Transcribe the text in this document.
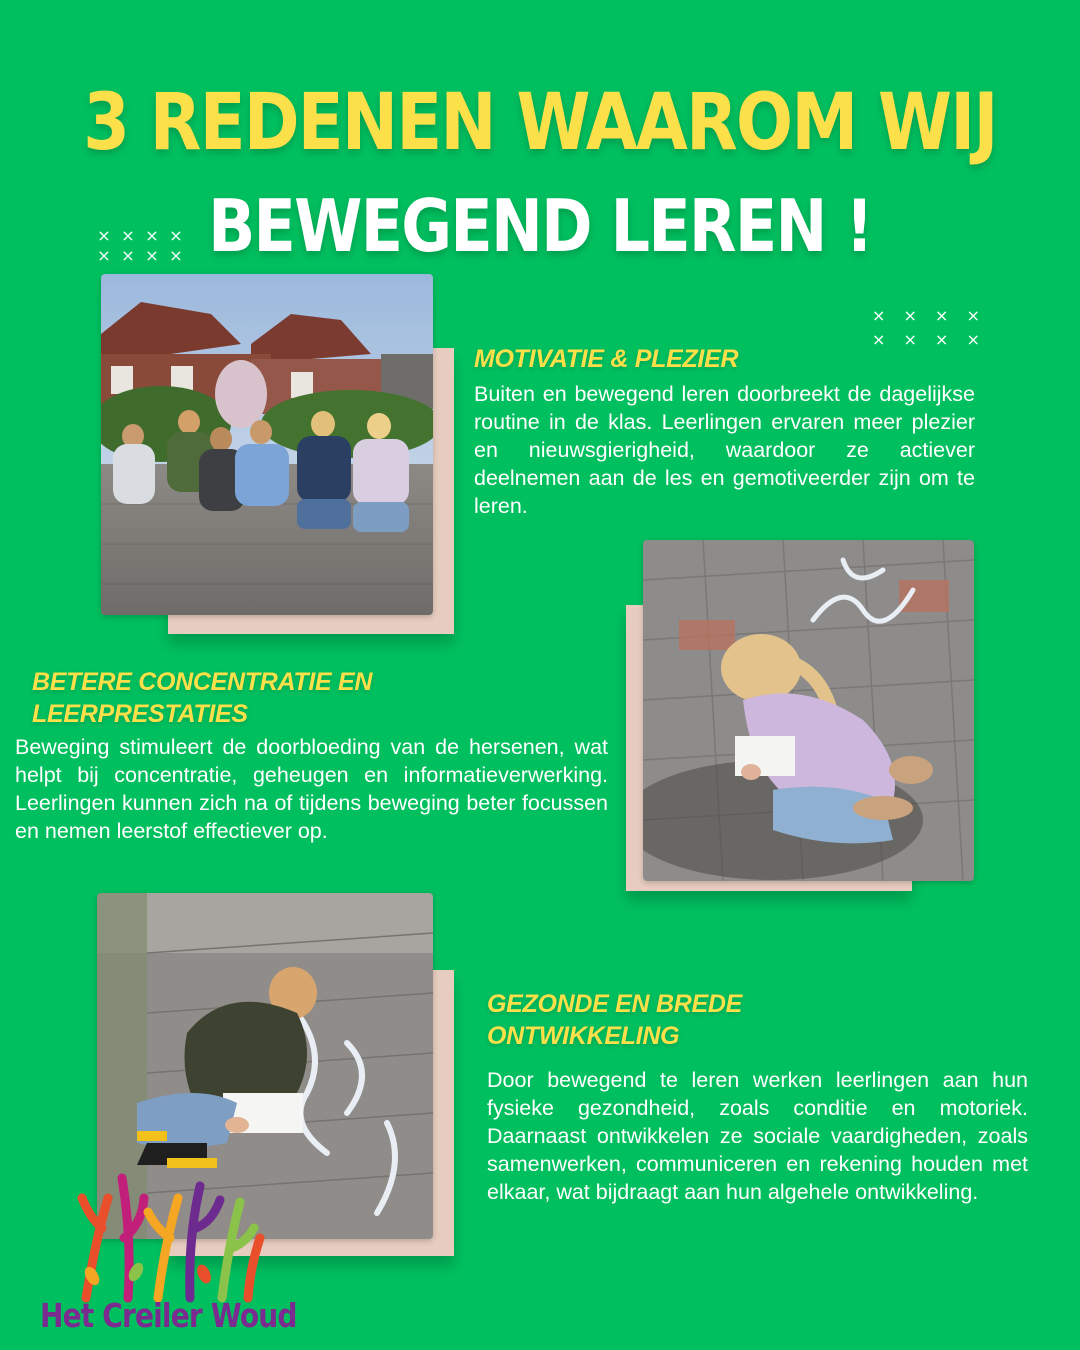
3 REDENEN WAAROM WIJ
BEWEGEND LEREN !
× × × ×
× × × ×
×	×	×	×
×	×	×	×
MOTIVATIE & PLEZIER
Buiten en bewegend leren doorbreekt de dagelijkse routine in de klas. Leerlingen ervaren meer plezier en nieuwsgierigheid, waardoor ze actiever deelnemen aan de les en gemotiveerder zijn om te leren.
BETERE CONCENTRATIE EN LEERPRESTATIES
Beweging stimuleert de doorbloeding van de hersenen, wat helpt bij concentratie, geheugen en informatieverwerking. Leerlingen kunnen zich na of tijdens beweging beter focussen en nemen leerstof effectiever op.
GEZONDE EN BREDE ONTWIKKELING
Door bewegend te leren werken leerlingen aan hun fysieke gezondheid, zoals conditie en motoriek. Daarnaast ontwikkelen ze sociale vaardigheden, zoals samenwerken, communiceren en rekening houden met elkaar, wat bijdraagt aan hun algehele ontwikkeling.
Het Creiler Woud
